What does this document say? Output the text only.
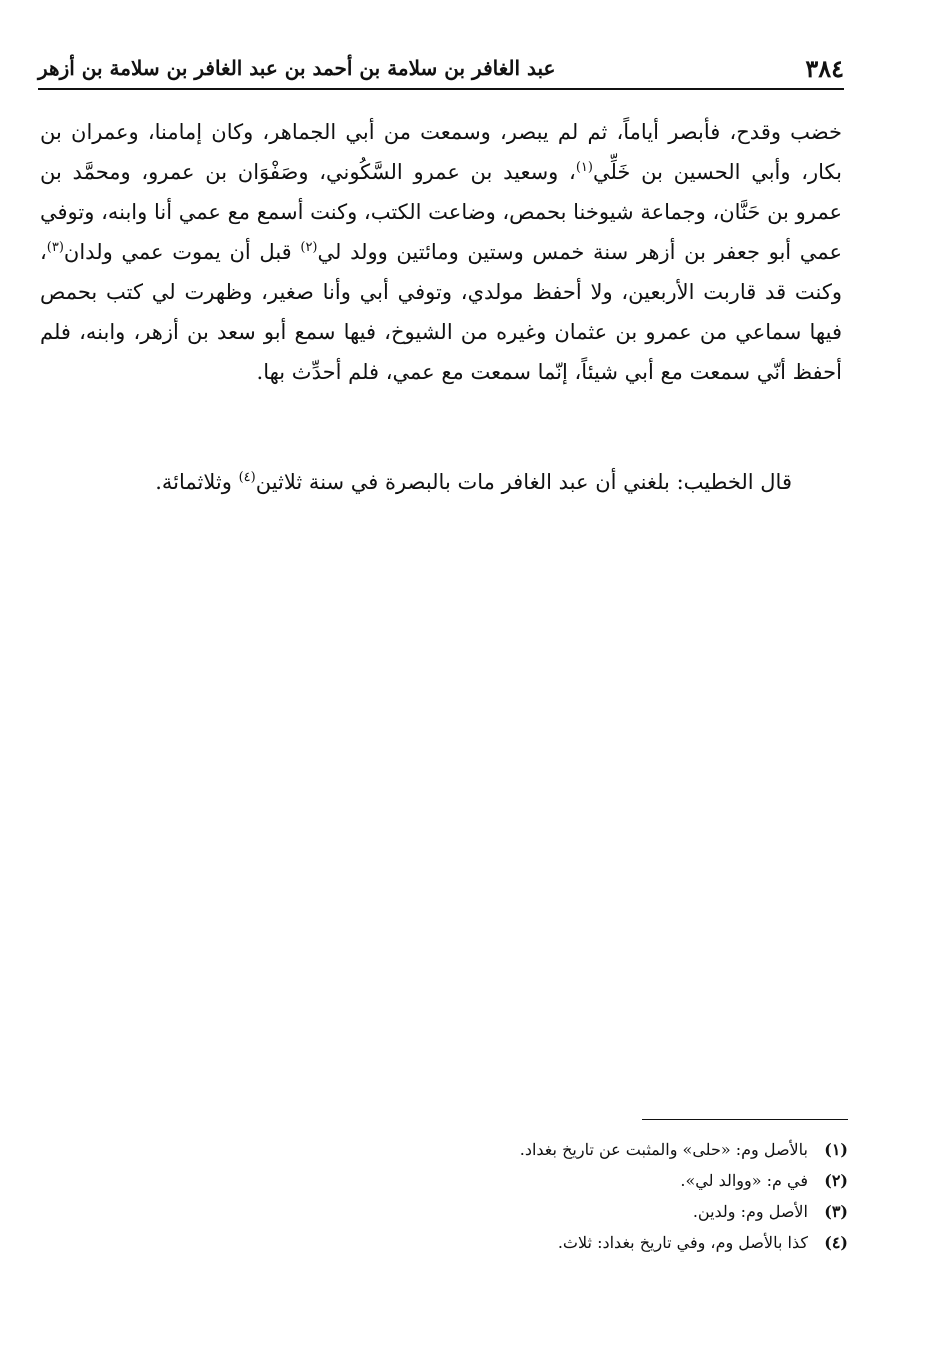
٣٨٤
عبد الغافر بن سلامة بن أحمد بن عبد الغافر بن سلامة بن أزهر
خضب وقدح، فأبصر أياماً، ثم لم يبصر، وسمعت من أبي الجماهر، وكان إمامنا، وعمران بن بكار، وأبي الحسين بن خَلِّي$^{(١)}$، وسعيد بن عمرو السَّكُوني، وصَفْوَان بن عمرو، ومحمَّد بن عمرو بن حَنَّان، وجماعة شيوخنا بحمص، وضاعت الكتب، وكنت أسمع مع عمي أنا وابنه، وتوفي عمي أبو جعفر بن أزهر سنة خمس وستين ومائتين وولد لي$^{(٢)}$ قبل أن يموت عمي ولدان$^{(٣)}$، وكنت قد قاربت الأربعين، ولا أحفظ مولدي، وتوفي أبي وأنا صغير، وظهرت لي كتب بحمص فيها سماعي من عمرو بن عثمان وغيره من الشيوخ، فيها سمع أبو سعد بن أزهر، وابنه، فلم أحفظ أنّي سمعت مع أبي شيئاً، إنّما سمعت مع عمي، فلم أحدِّث بها.
قال الخطيب: بلغني أن عبد الغافر مات بالبصرة في سنة ثلاثين$^{(٤)}$ وثلاثمائة.
(١)
بالأصل وم: «حلى» والمثبت عن تاريخ بغداد.
(٢)
في م: «ووالد لي».
(٣)
الأصل وم: ولدين.
(٤)
كذا بالأصل وم، وفي تاريخ بغداد: ثلاث.
